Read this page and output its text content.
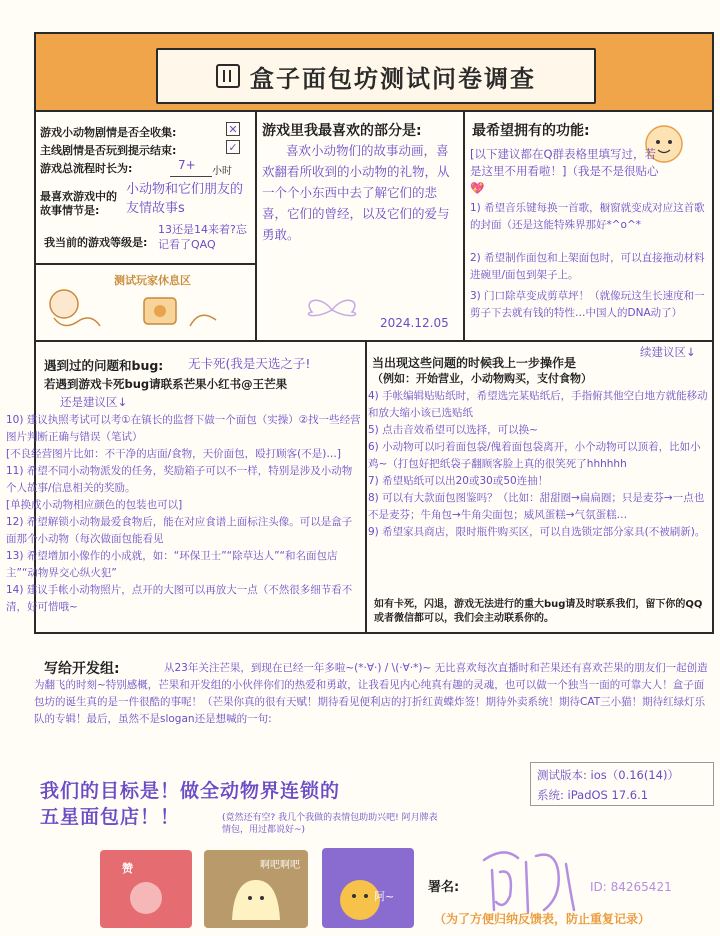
盒子面包坊测试问卷调查
游戏小动物剧情是否全收集:	✕
主线剧情是否玩到提示结束:	✓
游戏总流程时长为:	7+ 小时
最喜欢游戏中的故事情节是:
小动物和它们朋友的友情故事s
我当前的游戏等级是:
13还是14来着?忘记看了QAQ
测试玩家休息区
游戏里我最喜欢的部分是:
喜欢小动物们的故事动画，喜欢翻看所收到的小动物的礼物，从一个个小东西中去了解它们的悲喜，它们的曾经，以及它们的爱与勇敢。
2024.12.05
最希望拥有的功能:
[以下建议都在Q群表格里填写过，若是这里不用看啦！]（我是不是很贴心💖
1) 希望音乐键每换一首歌，橱窗就变成对应这首歌的封面（还是这能特殊界那好*^o^*
2) 希望制作面包和上架面包时，可以直接拖动材料进碗里/面包到架子上。
3) 门口除草变成剪草坪！（就像玩这生长速度和一剪子下去就有钱的特性…中国人的DNA动了）
续建议区↓
遇到过的问题和bug: 无卡死(我是天选之子!
若遇到游戏卡死bug请联系芒果小红书@王芒果
还是建议区↓
10) 建议执照考试可以考①在镇长的监督下做一个面包（实操）②找一些经营图片判断正确与错误（笔试）
[不良经营图片比如：不干净的店面/食物，天价面包，殴打顾客(不是)…]
11) 希望不同小动物派发的任务，奖励箱子可以不一样，特别是涉及小动物个人故事/信息相关的奖励。
[单换成小动物相应颜色的包装也可以]
12) 希望解锁小动物最爱食物后，能在对应食谱上面标注头像。可以是盒子面那个小动物（每次做面包能看见
13) 希望增加小像作的小成就，如：“环保卫士”“除草达人”“和名面包店主”“动物界交心纵火犯”
14) 建议手帐小动物照片，点开的大图可以再放大一点（不然很多细节看不清，好可惜哦~
当出现这些问题的时候我上一步操作是
（例如：开始营业，小动物购买，支付食物）
4) 手帐编辑贴贴纸时，希望选完某贴纸后，手指俯其他空白地方就能移动和放大缩小该已选贴纸
5) 点击音效希望可以选择，可以换~
6) 小动物可以叼着面包袋/傀着面包袋离开，小个动物可以顶着，比如小鸡~（打包好把纸袋子翻顾客脸上真的很笑死了hhhhhh
7) 希望贴纸可以出20或30或50连抽！
8) 可以有大款面包图鉴吗？（比如：甜甜圈→扁扁圈；只是麦芬→一点也不是麦芬；牛角包→牛角尖面包；威风蛋糕→气氛蛋糕…
9) 希望家具商店，限时瓶件购买区，可以自选锁定部分家具(不被刷新)。
如有卡死，闪退，游戏无法进行的重大bug请及时联系我们，留下你的QQ或者微信都可以，我们会主动联系你的。
写给开发组:	从23年关注芒果，到现在已经一年多啦~(*·∀·) / \(·∀·*)~ 无比喜欢每次直播时和芒果还有喜欢芒果的朋友们一起创造为翻飞的时刻~特别感概，芒果和开发组的小伙伴你们的热爱和勇敢，让我看见内心纯真有趣的灵魂，也可以做一个独当一面的可靠大人！盒子面包坊的诞生真的是一件很酷的事呢！（芒果你真的很有天赋！期待看见便利店的打折红黄蝶炸签！期待外卖系统！期待CAT三小猫！期待红绿灯乐队的专辑！最后，虽然不是slogan还是想喊的一句:
我们的目标是！做全动物界连锁的
五星面包店！！	(竟然还有空? 我几个我做的表情包助助兴吧! 阿月牌表情包，用过都说好~)
测试版本: ios（0.16(14)）
系统: iPadOS 17.6.1
赞	啊吧啊吧
阿~
署名:	ID: 84265421
（为了方便归纳反馈表，防止重复记录）
